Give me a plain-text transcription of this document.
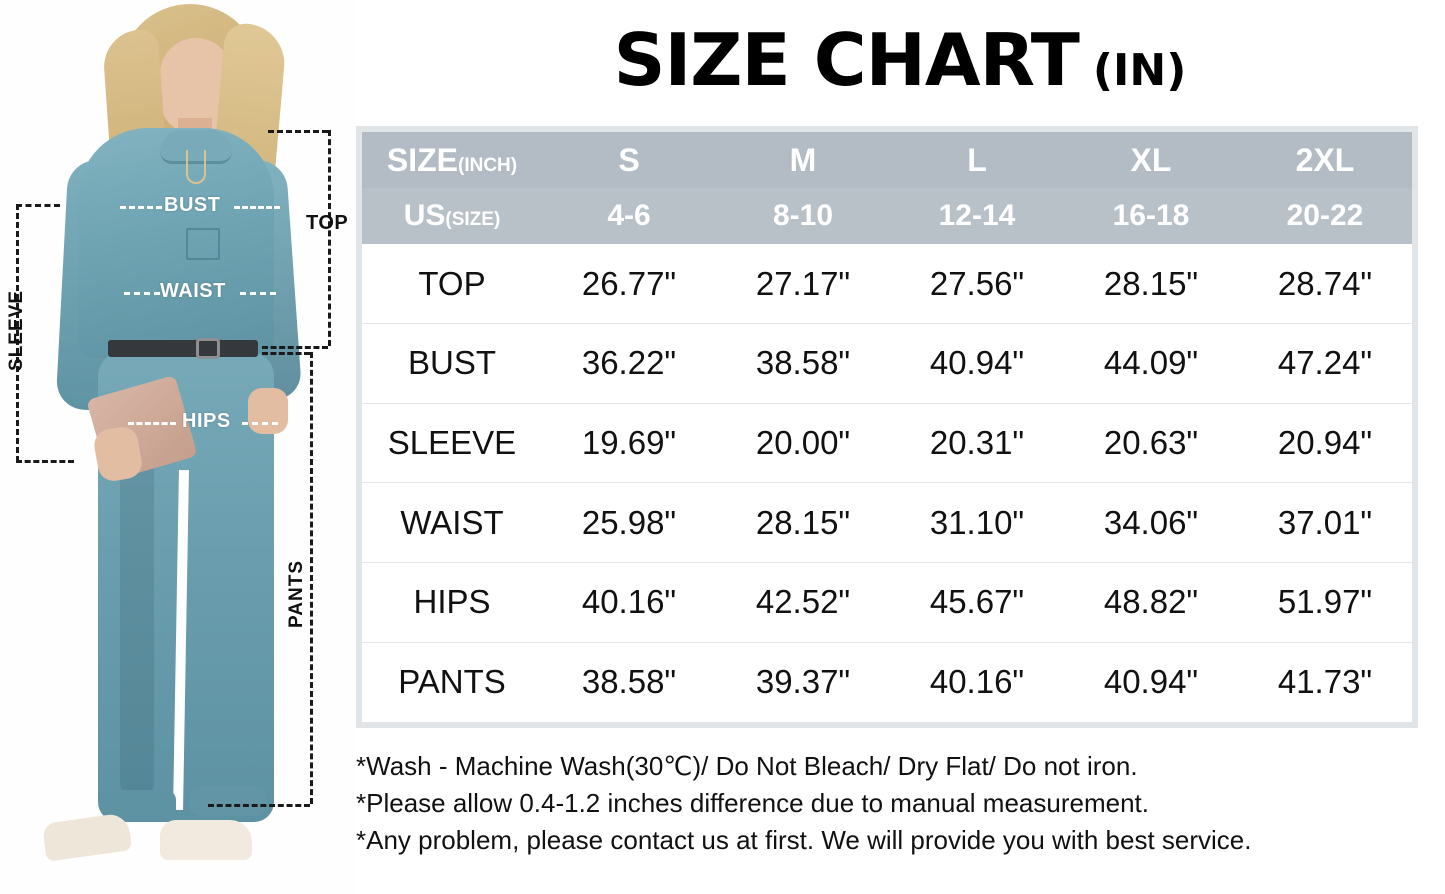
BUST
WAIST
HIPS
SLEEVE
TOP
PANTS
SIZE CHART (IN)
SIZE(INCH)	S	M	L	XL	2XL
US(SIZE)	4-6	8-10	12-14	16-18	20-22
TOP	26.77"	27.17"	27.56"	28.15"	28.74"
BUST	36.22"	38.58"	40.94"	44.09"	47.24"
SLEEVE	19.69"	20.00"	20.31"	20.63"	20.94"
WAIST	25.98"	28.15"	31.10"	34.06"	37.01"
HIPS	40.16"	42.52"	45.67"	48.82"	51.97"
PANTS	38.58"	39.37"	40.16"	40.94"	41.73"
*Wash - Machine Wash(30℃)/ Do Not Bleach/ Dry Flat/ Do not iron.
*Please allow 0.4-1.2 inches difference due to manual measurement.
*Any problem, please contact us at first. We will provide you with best service.
